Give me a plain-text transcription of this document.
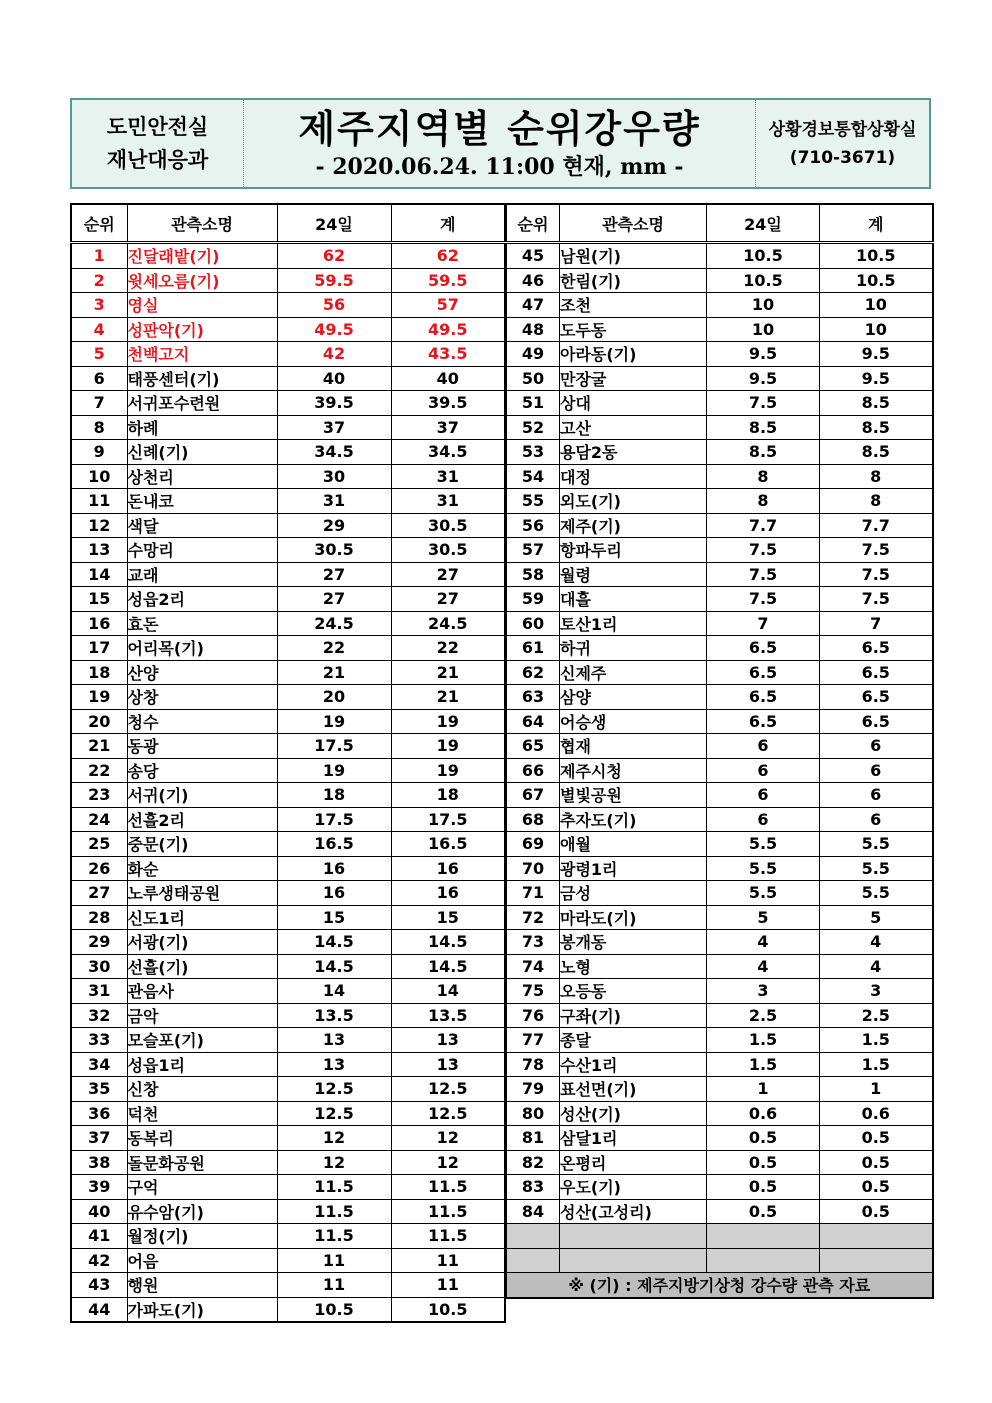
도민안전실
재난대응과
제주지역별 순위강우량
- 2020.06.24. 11:00 현재, mm -
상황경보통합상황실
(710-3671)
순위	관측소명	24일	계
1	진달래밭(기)	62	62
2	윗세오름(기)	59.5	59.5
3	영실	56	57
4	성판악(기)	49.5	49.5
5	천백고지	42	43.5
6	태풍센터(기)	40	40
7	서귀포수련원	39.5	39.5
8	하례	37	37
9	신례(기)	34.5	34.5
10	상천리	30	31
11	돈내코	31	31
12	색달	29	30.5
13	수망리	30.5	30.5
14	교래	27	27
15	성읍2리	27	27
16	효돈	24.5	24.5
17	어리목(기)	22	22
18	산양	21	21
19	상창	20	21
20	청수	19	19
21	동광	17.5	19
22	송당	19	19
23	서귀(기)	18	18
24	선흘2리	17.5	17.5
25	중문(기)	16.5	16.5
26	화순	16	16
27	노루생태공원	16	16
28	신도1리	15	15
29	서광(기)	14.5	14.5
30	선흘(기)	14.5	14.5
31	관음사	14	14
32	금악	13.5	13.5
33	모슬포(기)	13	13
34	성읍1리	13	13
35	신창	12.5	12.5
36	덕천	12.5	12.5
37	동복리	12	12
38	돌문화공원	12	12
39	구억	11.5	11.5
40	유수암(기)	11.5	11.5
41	월정(기)	11.5	11.5
42	어음	11	11
43	행원	11	11
44	가파도(기)	10.5	10.5
순위	관측소명	24일	계
45	남원(기)	10.5	10.5
46	한림(기)	10.5	10.5
47	조천	10	10
48	도두동	10	10
49	아라동(기)	9.5	9.5
50	만장굴	9.5	9.5
51	상대	7.5	8.5
52	고산	8.5	8.5
53	용담2동	8.5	8.5
54	대정	8	8
55	외도(기)	8	8
56	제주(기)	7.7	7.7
57	항파두리	7.5	7.5
58	월령	7.5	7.5
59	대흘	7.5	7.5
60	토산1리	7	7
61	하귀	6.5	6.5
62	신제주	6.5	6.5
63	삼양	6.5	6.5
64	어승생	6.5	6.5
65	협재	6	6
66	제주시청	6	6
67	별빛공원	6	6
68	추자도(기)	6	6
69	애월	5.5	5.5
70	광령1리	5.5	5.5
71	금성	5.5	5.5
72	마라도(기)	5	5
73	봉개동	4	4
74	노형	4	4
75	오등동	3	3
76	구좌(기)	2.5	2.5
77	종달	1.5	1.5
78	수산1리	1.5	1.5
79	표선면(기)	1	1
80	성산(기)	0.6	0.6
81	삼달1리	0.5	0.5
82	온평리	0.5	0.5
83	우도(기)	0.5	0.5
84	성산(고성리)	0.5	0.5

※ (기) : 제주지방기상청 강수량 관측 자료			
